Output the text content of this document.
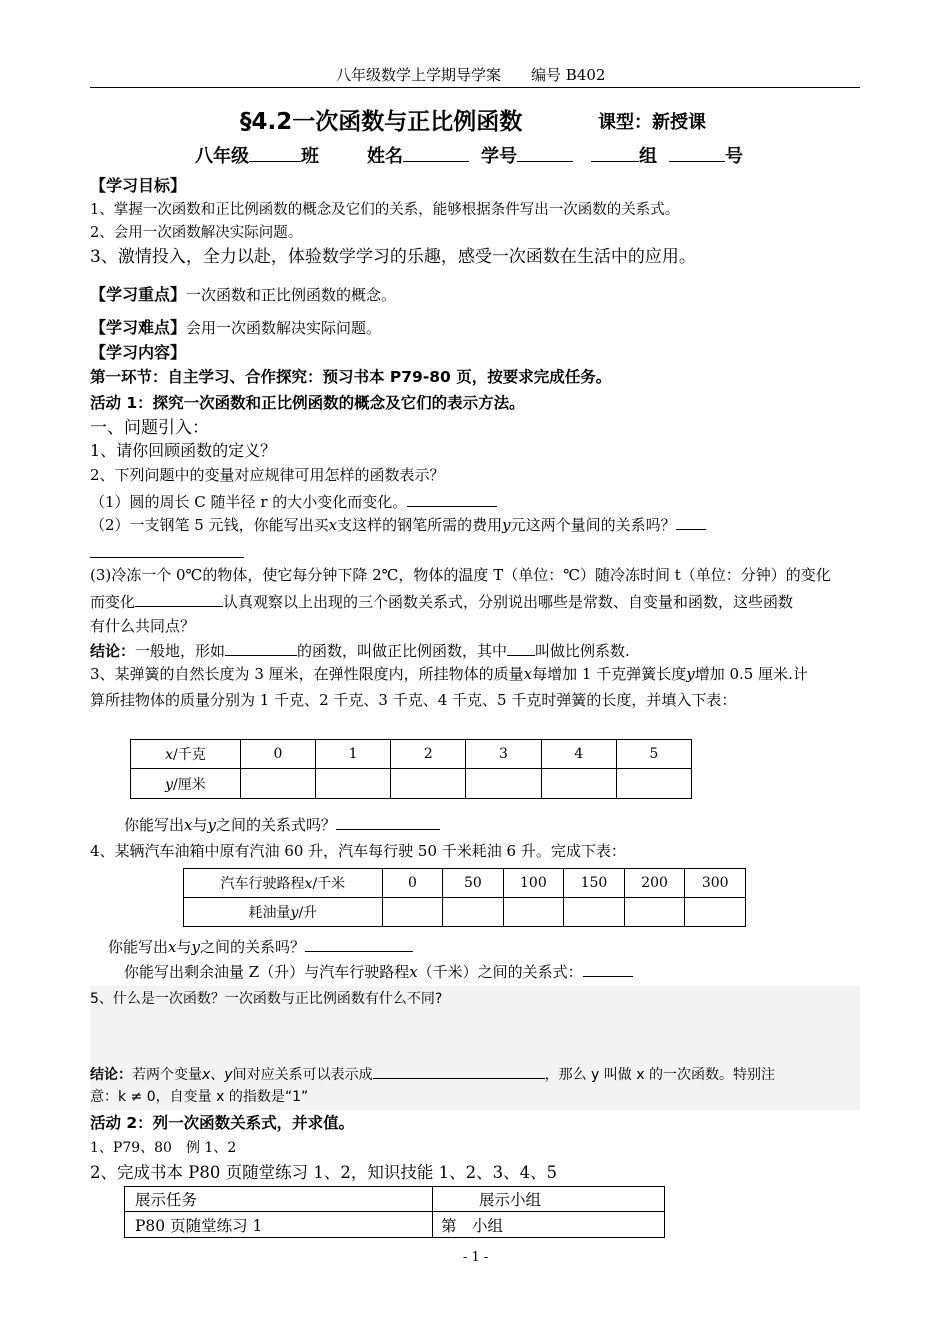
八年级数学上学期导学案　　编号 B402
§4.2一次函数与正比例函数	课型：新授课
八年级	班	姓名	学号	组	号
【学习目标】
1、掌握一次函数和正比例函数的概念及它们的关系，能够根据条件写出一次函数的关系式。
2、会用一次函数解决实际问题。
3、激情投入，全力以赴，体验数学学习的乐趣，感受一次函数在生活中的应用。
【学习重点】一次函数和正比例函数的概念。
【学习难点】会用一次函数解决实际问题。
【学习内容】
第一环节：自主学习、合作探究：预习书本 P79-80 页，按要求完成任务。
活动 1：探究一次函数和正比例函数的概念及它们的表示方法。
一、问题引入：
1、请你回顾函数的定义？
2、下列问题中的变量对应规律可用怎样的函数表示？
（1）圆的周长 C 随半径 r 的大小变化而变化。
（2）一支钢笔 5 元钱，你能写出买x支这样的钢笔所需的费用y元这两个量间的关系吗？
(3)冷冻一个 0℃的物体，使它每分钟下降 2℃，物体的温度 T（单位：℃）随冷冻时间 t（单位：分钟）的变化
而变化	认真观察以上出现的三个函数关系式，分别说出哪些是常数、自变量和函数，这些函数
有什么共同点？
结论：一般地，形如	的函数，叫做正比例函数，其中 叫做比例系数.
3、某弹簧的自然长度为 3 厘米，在弹性限度内，所挂物体的质量x每增加 1 千克弹簧长度y增加 0.5 厘米.计
算所挂物体的质量分别为 1 千克、2 千克、3 千克、4 千克、5 千克时弹簧的长度，并填入下表：
x/千克	0	1	2	3	4	5
y/厘米						
你能写出x与y之间的关系式吗？
4、某辆汽车油箱中原有汽油 60 升，汽车每行驶 50 千米耗油 6 升。完成下表：
汽车行驶路程x/千米	0	50	100	150	200	300
耗油量y/升						
你能写出x与y之间的关系吗？
你能写出剩余油量 Z（升）与汽车行驶路程x（千米）之间的关系式：
5、什么是一次函数？一次函数与正比例函数有什么不同?
结论：若两个变量x、y间对应关系可以表示成	，那么 y 叫做 x 的一次函数。特别注
意：k ≠ 0，自变量 x 的指数是“1”
活动 2：列一次函数关系式，并求值。
1、P79、80　例 1、2
2、完成书本 P80 页随堂练习 1、2，知识技能 1、2、3、4、5
展示任务	展示小组
P80 页随堂练习 1	第　小组
- 1 -
